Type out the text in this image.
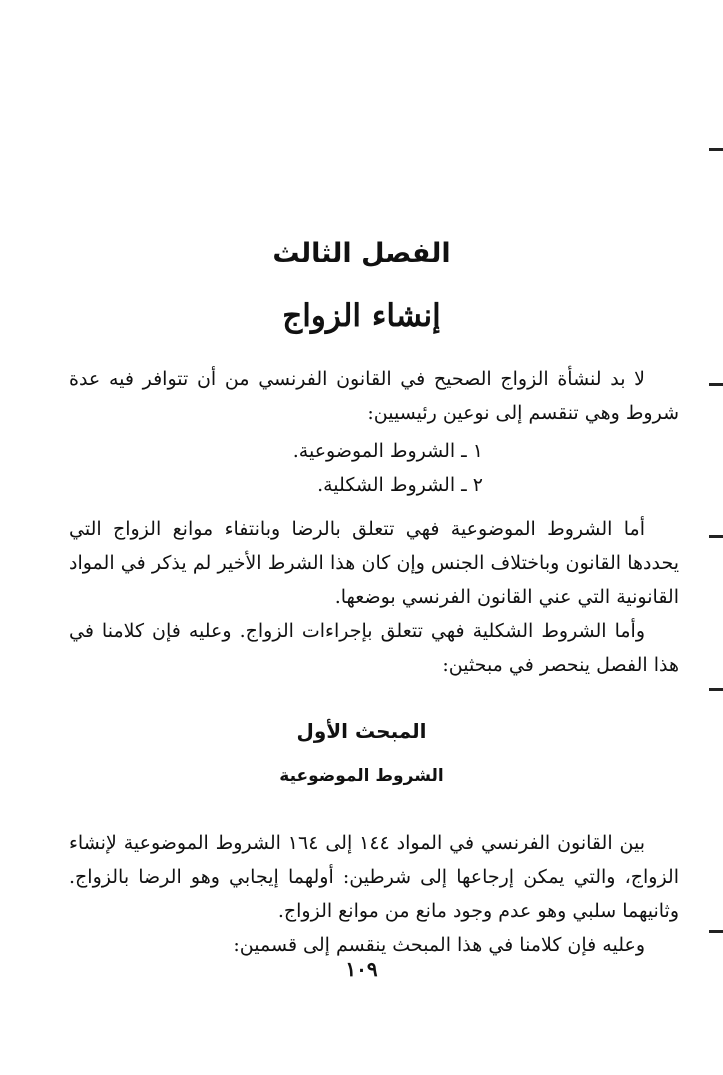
الفصل الثالث
إنشاء الزواج

لا بد لنشأة الزواج الصحيح في القانون الفرنسي من أن تتوافر فيه عدة شروط وهي تنقسم إلى نوعين رئيسيين:

١ ـ الشروط الموضوعية.

٢ ـ الشروط الشكلية.

أما الشروط الموضوعية فهي تتعلق بالرضا وبانتفاء موانع الزواج التي يحددها القانون وباختلاف الجنس وإن كان هذا الشرط الأخير لم يذكر في المواد القانونية التي عني القانون الفرنسي بوضعها.

وأما الشروط الشكلية فهي تتعلق بإجراءات الزواج. وعليه فإن كلامنا في هذا الفصل ينحصر في مبحثين:

المبحث الأول
الشروط الموضوعية

بين القانون الفرنسي في المواد ١٤٤ إلى ١٦٤ الشروط الموضوعية لإنشاء الزواج، والتي يمكن إرجاعها إلى شرطين: أولهما إيجابي وهو الرضا بالزواج. وثانيهما سلبي وهو عدم وجود مانع من موانع الزواج.

وعليه فإن كلامنا في هذا المبحث ينقسم إلى قسمين:

١٠٩
